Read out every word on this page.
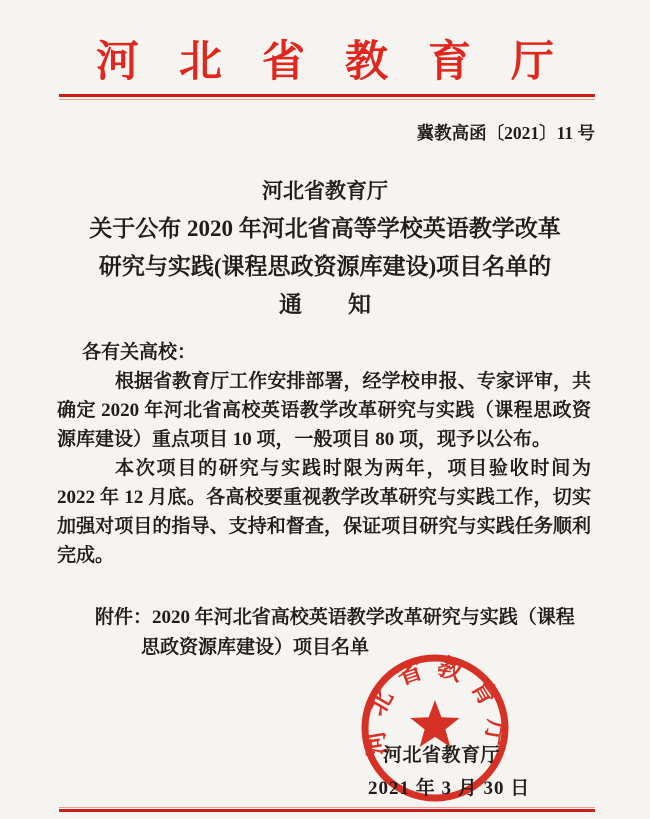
河北省教育厅
冀教高函〔2021〕11 号
河北省教育厅
关于公布 2020 年河北省高等学校英语教学改革
研究与实践(课程思政资源库建设)项目名单的
通　　知
各有关高校：

根据省教育厅工作安排部署，经学校申报、专家评审，共确定 2020 年河北省高校英语教学改革研究与实践（课程思政资源库建设）重点项目 10 项，一般项目 80 项，现予以公布。

本次项目的研究与实践时限为两年，项目验收时间为 2022 年 12 月底。各高校要重视教学改革研究与实践工作，切实加强对项目的指导、支持和督查，保证项目研究与实践任务顺利完成。

附件：2020 年河北省高校英语教学改革研究与实践（课程思政资源库建设）项目名单
河北省教育厅
河北省教育厅
2021 年 3 月 30 日
